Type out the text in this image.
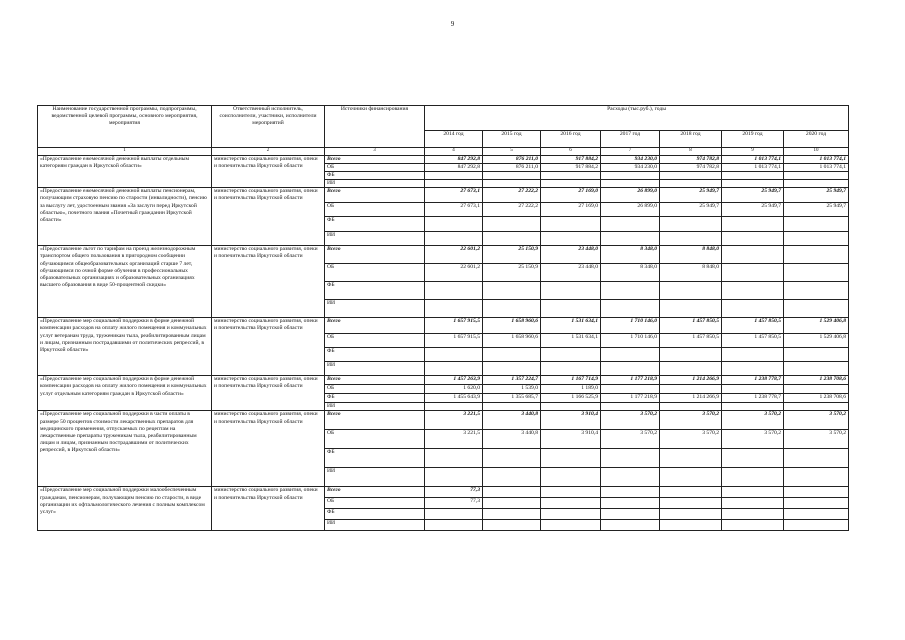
9
Наименование государственной программы, подпрограммы, ведомственной целевой программы, основного мероприятия, мероприятия	Ответственный исполнитель, соисполнители, участники, исполнители мероприятий	Источники финансирования	Расходы (тыс.руб.), годы						
			2014 год	2015 год	2016 год	2017 год	2018 год	2019 год	2020 год
1	2	3	4	5	6	7	8	9	10
«Предоставление ежемесячной денежной выплаты отдельным категориям граждан в Иркутской области»	министерство социального развития, опеки и попечительства Иркутской области	Всего	847 292,8	876 211,0	917 884,2	934 230,0	974 782,8	1 013 774,1	1 013 774,1
		ОБ	847 292,8	876 211,0	917 884,2	934 230,0	974 782,8	1 013 774,1	1 013 774,1
		ФБ							
		ИИ							
«Предоставление ежемесячной денежной выплаты пенсионерам, получающим страховую пенсию по старости (инвалидности), пенсию за выслугу лет, удостоенным звания «За заслуги перед Иркутской областью», почетного звания «Почетный гражданин Иркутской области»	министерство социального развития, опеки и попечительства Иркутской области	Всего	27 673,1	27 222,2	27 169,0	26 899,0	25 949,7	25 949,7	25 949,7
		ОБ	27 673,1	27 222,2	27 169,0	26 899,0	25 949,7	25 949,7	25 949,7
		ФБ							
		ИИ							
«Предоставление льгот по тарифам на проезд железнодорожным транспортом общего пользования в пригородном сообщении обучающимся общеобразовательных организаций старше 7 лет, обучающимся по очной форме обучения в профессиональных образовательных организациях и образовательных организациях высшего образования в виде 50-процентной скидки»	министерство социального развития, опеки и попечительства Иркутской области	Всего	22 601,2	25 150,9	23 448,0	8 348,0	8 848,0		
		ОБ	22 601,2	25 150,9	23 448,0	8 348,0	8 848,0		
		ФБ							
		ИИ							
«Предоставление мер социальной поддержки в форме денежной компенсации расходов на оплату жилого помещения и коммунальных услуг ветеранам труда, труженикам тыла, реабилитированным лицам и лицам, признанным пострадавшими от политических репрессий, в Иркутской области»	министерство социального развития, опеки и попечительства Иркутской области	Всего	1 657 915,5	1 658 960,6	1 531 634,1	1 710 146,0	1 457 850,5	1 457 850,5	1 529 406,8
		ОБ	1 657 915,5	1 658 960,6	1 531 634,1	1 710 146,0	1 457 850,5	1 457 850,5	1 529 406,8
		ФБ							
		ИИ							
«Предоставление мер социальной поддержки в форме денежной компенсации расходов на оплату жилого помещения и коммунальных услуг отдельным категориям граждан в Иркутской области»	министерство социального развития, опеки и попечительства Иркутской области	Всего	1 457 263,9	1 357 224,7	1 167 714,9	1 177 218,9	1 214 266,9	1 238 778,7	1 238 708,6
		ОБ	1 620,0	1 539,0	1 189,0				
		ФБ	1 455 643,9	1 355 685,7	1 166 525,9	1 177 218,9	1 214 266,9	1 238 778,7	1 238 708,6
		ИИ							
«Предоставление мер социальной поддержки в части оплаты в размере 50 процентов стоимости лекарственных препаратов для медицинского применения, отпускаемых по рецептам на лекарственные препараты труженикам тыла, реабилитированным лицам и лицам, признанным пострадавшими от политических репрессий, в Иркутской области»	министерство социального развития, опеки и попечительства Иркутской области	Всего	3 221,5	3 440,8	3 910,4	3 570,2	3 570,2	3 570,2	3 570,2
		ОБ	3 221,5	3 440,8	3 910,4	3 570,2	3 570,2	3 570,2	3 570,2
		ФБ							
		ИИ							
«Предоставление мер социальной поддержки малообеспеченным гражданам, пенсионерам, получающим пенсию по старости, в виде организации их офтальмологического лечения с полным комплексом услуг»	министерство социального развития, опеки и попечительства Иркутской области	Всего	77,3						
		ОБ	77,3						
		ФБ							
		ИИ							
